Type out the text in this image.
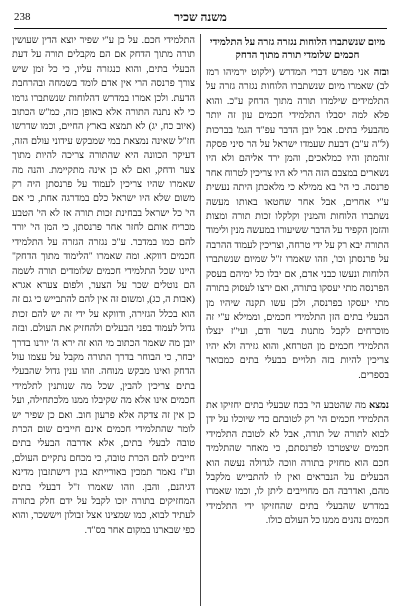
238	משנה שכיר

מיום שנשתברו הלוחות נגזרה גזרה על התלמידי חכמים שלומדי תורה מתוך הדחק

ובזה אני מפרש דברי המדרש (ילקוט ירמיהו רמז לב) שאמרו מיום שנשתברו הלוחות נגזרה גזרה על התלמידים שילמדו תורה מתוך הדחק ע"כ. והוא פלא למה יסבלו התלמידי חכמים עון זה יותר מהבעלי בתים. אבל יובן הדבר עפ"ד הגמ' בברכות (ל"ה ע"ב) דבעת שעמדו ישראל על הר סיני פסקה זוהמתן והיו כמלאכים, והמן ירד אליהם ולא היו נשארים במצבם הזה הרי לא היו צריכין לטרוח אחר פרנסה. כי הי' בא ממילא כי מלאכתן היתה נעשית ע"י אחרים, אבל אחר שחטאו באותו מעשה נשתברו הלוחות והמנין וקלקלו זכות תורה ומצות והזמן הקפיד על הדבר ששיעורו במעשה מנין ולימוד התורה יבא רק על ידי טרחה, וצריכין לעמוד ההרבה על פרנסתן וכו', וזהו שאמרו ז"ל שמיום שנשתברו הלוחות ונעשו כבני אדם, אם יבלו כל ימיהם בעסק הפרנסה מתי יעסקו בתורה, ואם ירצו לעסוק בתורה מתי יעסקו בפרנסה, ולכן עשו תקנה שיהיו מן הבעלי בתים הזן התלמידי חכמים, וממילא ע"י זה מוכרחים לקבל מתנות בשר ודם, ועי"ז ינצלו התלמידי חכמים מן הטרחא, והוא גזירה ולא יהיו צריכין להיות בזה תלויים בבעלי בתים כמבואר בספרים.

נמצא מה שהטבע הי' בכח שבעלי בתים יחזיקו את התלמידי חכמים הי' רק לטובתם כדי שיוכלו על ידן לבוא לתורה של תורה, אבל לא לטובת התלמידי חכמים שיצטרכו לפרנסתם, כי מאחר שהתלמיד חכם הוא מחזיק בתורה וזוכה לגדולה נעשה הוא הבעלים על הנבראים ואין לו להתבייש מלקבל מהם, ואדרבה הם מחוייבים ליתן לו, וכמו שאמרו במדרש שהבעלי בתים שהחזיקו ידי התלמידי חכמים נהנים ממנו כל העולם כולו.

התלמידי חכם. על כן ע"י שפיר יוצא הדין שעושין תורה מתוך הדחק אם הם מקבלים תורה על דעת הבעלי בתים, והוא כנגזרה עליו, כי כל זמן שיש צורך פרנסה הרי אין אדם לומד בשמחה ובהרחבת הדעת. ולכן אמרו במדרש דהלוחות שנשתברו גרמו כי לא נתנה התורה אלא באופן כזה, כמ"ש הכתוב (איוב כח, יג) לא תמצא בארץ החיים, וכמו שדרשו חז"ל שאינה נמצאת במי שמבקש עידוני עולם הזה, דעיקר הכוונה היא שהתורה צריכה להיות מתוך צער ודחק, ואם לא כן אינה מתקיימת. והנה מה שאמרו שהיו צריכין לעמוד על פרנסתן היה רק משום שלא היו ישראל כלם במדרגה אחת, כי אם הי' כל ישראל בבחינת זכות תורה אז לא הי' הטבע מכריח אותם לחזר אחר פרנסתן, כי המן הי' יורד להם כמו במדבר. ע"כ נגזרה הגזרה על התלמידי חכמים דווקא. ומה שאמרו "הלימוד מתוך הדחק" היינו שכל התלמידי חכמים שלומדים תורה לשמה הם נוטלים שכר על הצער, ולפום צערא אגרא (אבות ה, כג), ומשום זה אין להם להתבייש כי גם זה הוא בכלל הגזירה, ודווקא על ידי זה יש להם זכות גדול לעמוד בפני הבעלים ולהחזיק את העולם. ובזה יובן מה שאמר הכתוב מי הוא זה ירא ה' יורנו בדרך יבחר, כי הבוחר בדרך התורה מקבל על עצמו עול הדחק ואינו מבקש מנוחה. וזהו ענין גדול שהבעלי בתים צריכין להבין, שכל מה שנותנין לתלמידי חכמים אינו אלא מה שקיבלו ממנו מלכתחילה, ועל כן אין זה צדקה אלא פרעון חוב. ואם כן שפיר יש לומר שהתלמידי חכמים אינם חייבים שום הכרת טובה לבעלי בתים, אלא אדרבה הבעלי בתים חייבים להם הכרת טובה, כי מכחם נתקיים העולם, וע"ז נאמר תמכין באורייתא בגין דישתזבון מדינא דגיהנם, והבן. וזהו שאמרו ז"ל דבעלי בתים המחזיקים בתורה יזכו לקבל על ידם חלק בתורה לעתיד לבוא, כמו שמצינו אצל זבולון ויששכר, והוא כפי שבארנו במקום אחר בס"ד.
